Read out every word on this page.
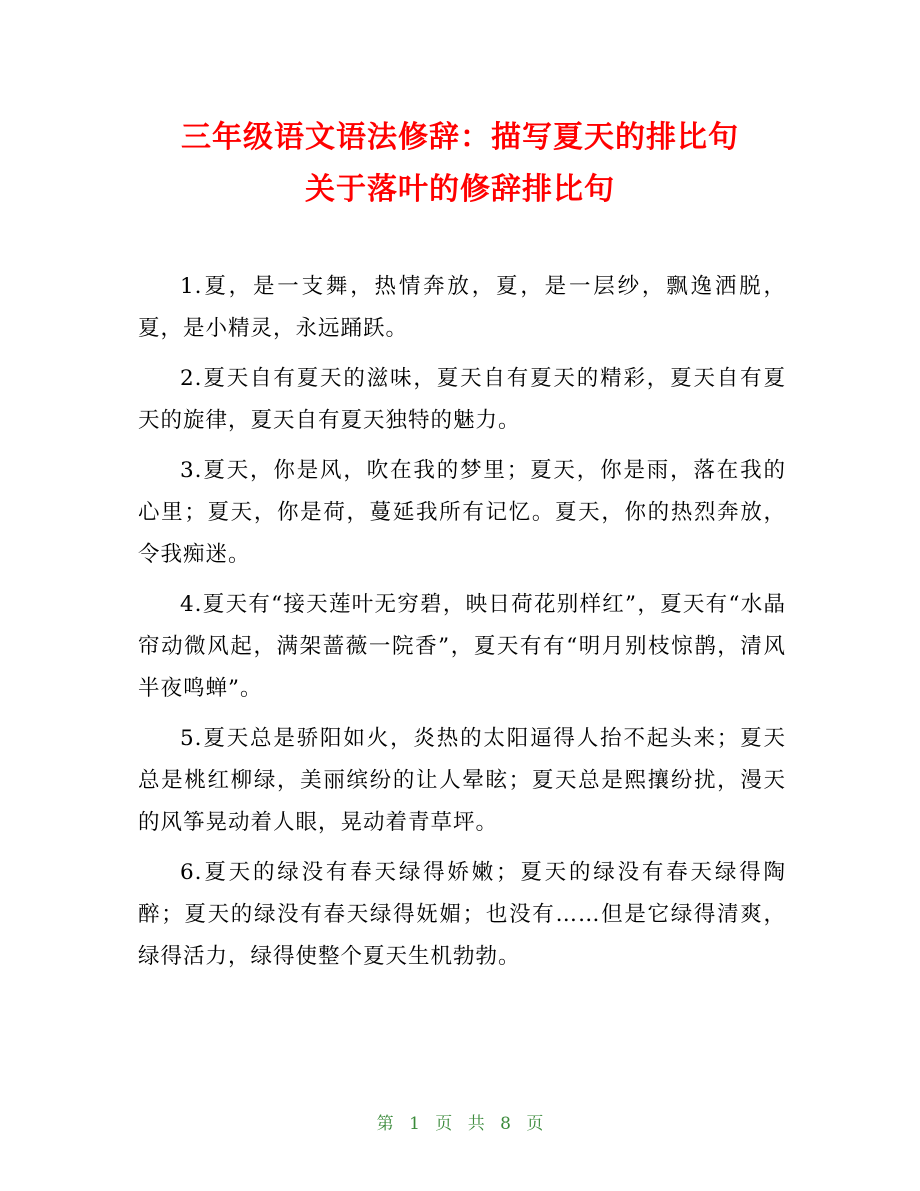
三年级语文语法修辞：描写夏天的排比句
关于落叶的修辞排比句

1.夏，是一支舞，热情奔放，夏，是一层纱，飘逸洒脱，夏，是小精灵，永远踊跃。

2.夏天自有夏天的滋味，夏天自有夏天的精彩，夏天自有夏天的旋律，夏天自有夏天独特的魅力。

3.夏天，你是风，吹在我的梦里；夏天，你是雨，落在我的心里；夏天，你是荷，蔓延我所有记忆。夏天，你的热烈奔放，令我痴迷。

4.夏天有“接天莲叶无穷碧，映日荷花别样红”，夏天有“水晶帘动微风起，满架蔷薇一院香”，夏天有有“明月别枝惊鹊，清风半夜鸣蝉”。

5.夏天总是骄阳如火，炎热的太阳逼得人抬不起头来；夏天总是桃红柳绿，美丽缤纷的让人晕眩；夏天总是熙攘纷扰，漫天的风筝晃动着人眼，晃动着青草坪。

6.夏天的绿没有春天绿得娇嫩；夏天的绿没有春天绿得陶醉；夏天的绿没有春天绿得妩媚；也没有……但是它绿得清爽，绿得活力，绿得使整个夏天生机勃勃。

第 1 页 共 8 页
